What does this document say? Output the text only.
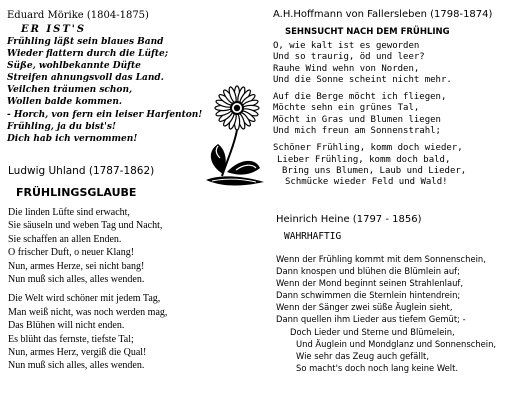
Eduard Mörike (1804-1875)
ER IST'S
Frühling läßt sein blaues Band
Wieder flattern durch die Lüfte;
Süße, wohlbekannte Düfte
Streifen ahnungsvoll das Land.
Veilchen träumen schon,
Wollen balde kommen.
- Horch, von fern ein leiser Harfenton!
Frühling, ja du bist's!
Dich hab ich vernommen!
Ludwig Uhland (1787-1862)
FRÜHLINGSGLAUBE
Die linden Lüfte sind erwacht,
Sie säuseln und weben Tag und Nacht,
Sie schaffen an allen Enden.
O frischer Duft, o neuer Klang!
Nun, armes Herze, sei nicht bang!
Nun muß sich alles, alles wenden.
Die Welt wird schöner mit jedem Tag,
Man weiß nicht, was noch werden mag,
Das Blühen will nicht enden.
Es blüht das fernste, tiefste Tal;
Nun, armes Herz, vergiß die Qual!
Nun muß sich alles, alles wenden.
A.H.Hoffmann von Fallersleben (1798-1874)
SEHNSUCHT NACH DEM FRÜHLING
O, wie kalt ist es geworden
Und so traurig, öd und leer?
Rauhe Wind wehn von Norden,
Und die Sonne scheint nicht mehr.
Auf die Berge möcht ich fliegen,
Möchte sehn ein grünes Tal,
Möcht in Gras und Blumen liegen
Und mich freun am Sonnenstrahl;
Schöner Frühling, komm doch wieder,
Lieber Frühling, komm doch bald,
Bring uns Blumen, Laub und Lieder,
Schmücke wieder Feld und Wald!
Heinrich Heine (1797 - 1856)
WAHRHAFTIG
Wenn der Frühling kommt mit dem Sonnenschein,
Dann knospen und blühen die Blümlein auf;
Wenn der Mond beginnt seinen Strahlenlauf,
Dann schwimmen die Sternlein hintendrein;
Wenn der Sänger zwei süße Äuglein sieht,
Dann quellen ihm Lieder aus tiefem Gemüt; -
Doch Lieder und Sterne und Blümelein,
Und Äuglein und Mondglanz und Sonnenschein,
Wie sehr das Zeug auch gefällt,
So macht's doch noch lang keine Welt.
